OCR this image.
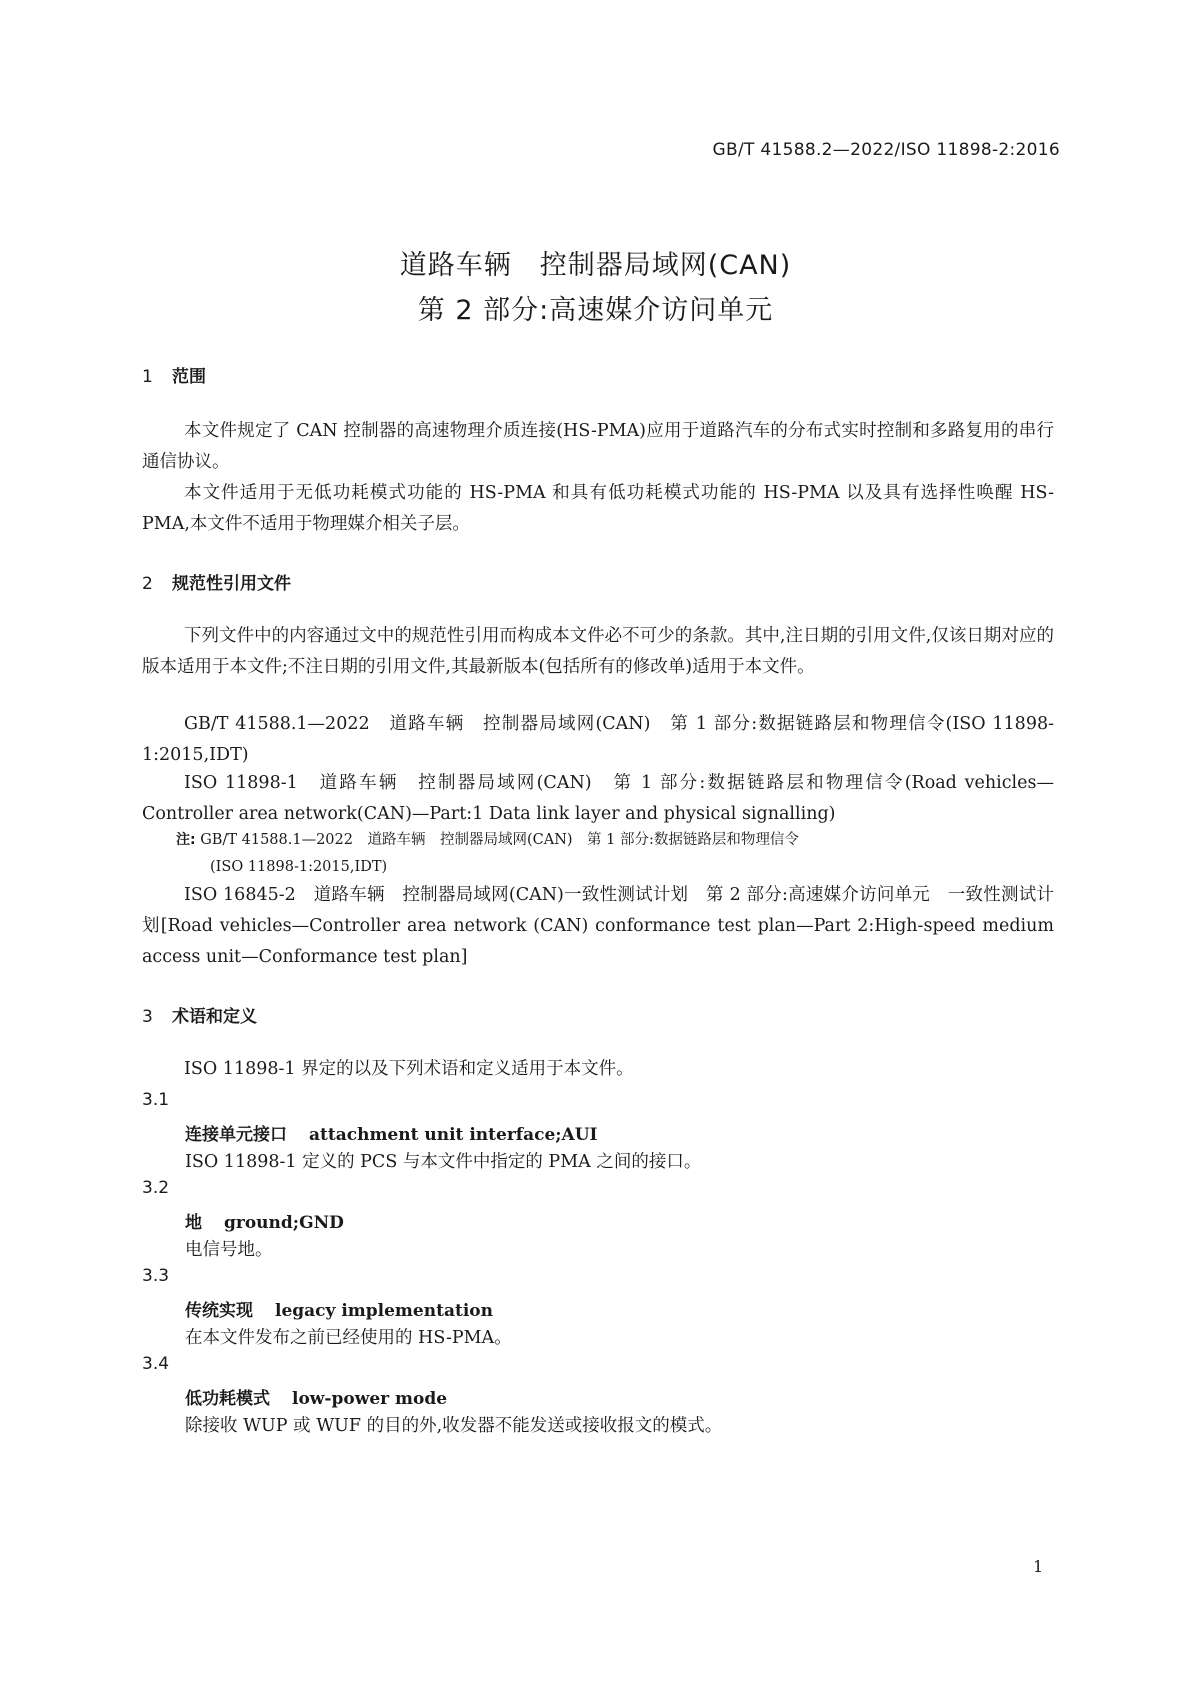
GB/T 41588.2—2022/ISO 11898-2:2016
道路车辆　控制器局域网(CAN)
第 2 部分:高速媒介访问单元
1 范围
本文件规定了 CAN 控制器的高速物理介质连接(HS-PMA)应用于道路汽车的分布式实时控制和多路复用的串行通信协议。
本文件适用于无低功耗模式功能的 HS-PMA 和具有低功耗模式功能的 HS-PMA 以及具有选择性唤醒 HS-PMA,本文件不适用于物理媒介相关子层。
2 规范性引用文件
下列文件中的内容通过文中的规范性引用而构成本文件必不可少的条款。其中,注日期的引用文件,仅该日期对应的版本适用于本文件;不注日期的引用文件,其最新版本(包括所有的修改单)适用于本文件。
GB/T 41588.1—2022　道路车辆　控制器局域网(CAN)　第 1 部分:数据链路层和物理信令(ISO 11898-1:2015,IDT)
ISO 11898-1　道路车辆　控制器局域网(CAN)　第 1 部分:数据链路层和物理信令(Road vehicles—Controller area network(CAN)—Part:1 Data link layer and physical signalling)
注: GB/T 41588.1—2022　道路车辆　控制器局域网(CAN)　第 1 部分:数据链路层和物理信令
(ISO 11898-1:2015,IDT)
ISO 16845-2　道路车辆　控制器局域网(CAN)一致性测试计划　第 2 部分:高速媒介访问单元　一致性测试计划[Road vehicles—Controller area network (CAN) conformance test plan—Part 2:High-speed medium access unit—Conformance test plan]
3 术语和定义
ISO 11898-1 界定的以及下列术语和定义适用于本文件。
3.1
连接单元接口 attachment unit interface;AUI
ISO 11898-1 定义的 PCS 与本文件中指定的 PMA 之间的接口。
3.2
地 ground;GND
电信号地。
3.3
传统实现 legacy implementation
在本文件发布之前已经使用的 HS-PMA。
3.4
低功耗模式 low-power mode
除接收 WUP 或 WUF 的目的外,收发器不能发送或接收报文的模式。
1
